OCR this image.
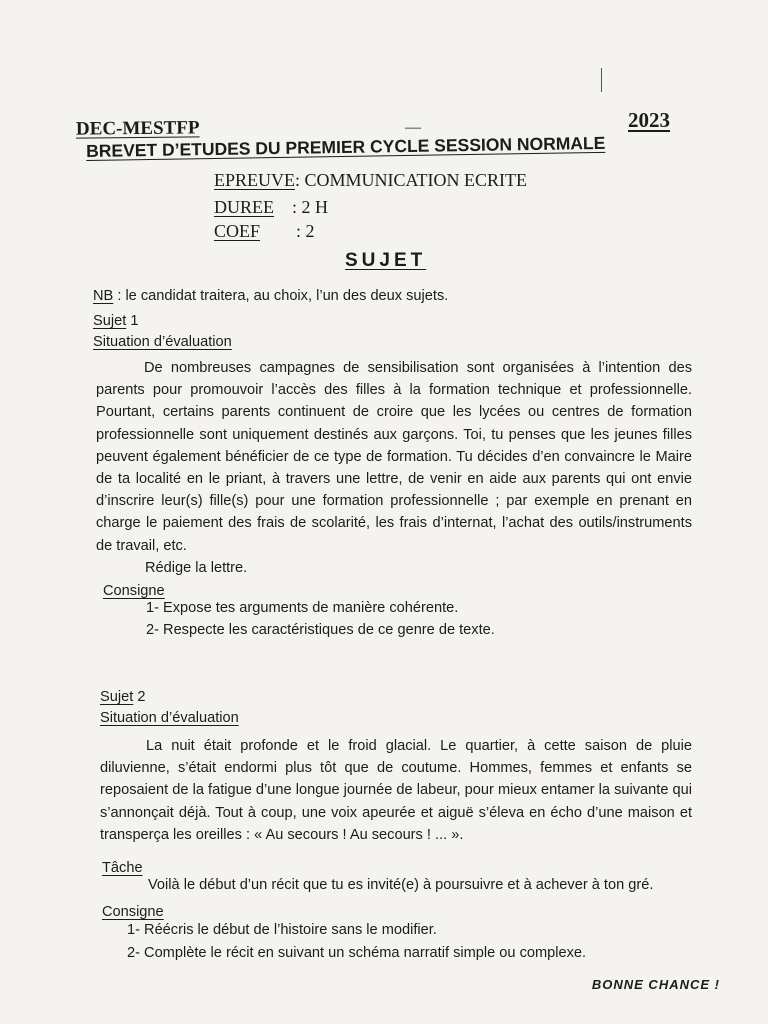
DEC-MESTFP	—	2023
BREVET D’ETUDES DU PREMIER CYCLE SESSION NORMALE
EPREUVE: COMMUNICATION ECRITE
DUREE : 2 H
COEF : 2
SUJET
NB : le candidat traitera, au choix, l’un des deux sujets.
Sujet 1
Situation d’évaluation

De nombreuses campagnes de sensibilisation sont organisées à l’intention des parents pour promouvoir l’accès des filles à la formation technique et professionnelle. Pourtant, certains parents continuent de croire que les lycées ou centres de formation professionnelle sont uniquement destinés aux garçons. Toi, tu penses que les jeunes filles peuvent également bénéficier de ce type de formation. Tu décides d’en convaincre le Maire de ta localité en le priant, à travers une lettre, de venir en aide aux parents qui ont envie d’inscrire leur(s) fille(s) pour une formation professionnelle ; par exemple en prenant en charge le paiement des frais de scolarité, les frais d’internat, l’achat des outils/instruments de travail, etc.

Rédige la lettre.
Consigne
1- Expose tes arguments de manière cohérente.
2- Respecte les caractéristiques de ce genre de texte.
Sujet 2
Situation d’évaluation

La nuit était profonde et le froid glacial. Le quartier, à cette saison de pluie diluvienne, s’était endormi plus tôt que de coutume. Hommes, femmes et enfants se reposaient de la fatigue d’une longue journée de labeur, pour mieux entamer la suivante qui s’annonçait déjà. Tout à coup, une voix apeurée et aiguë s’éleva en écho d’une maison et transperça les oreilles : « Au secours ! Au secours ! ... ».

Tâche
Voilà le début d’un récit que tu es invité(e) à poursuivre et à achever à ton gré.
Consigne
1- Réécris le début de l’histoire sans le modifier.
2- Complète le récit en suivant un schéma narratif simple ou complexe.
BONNE CHANCE !
